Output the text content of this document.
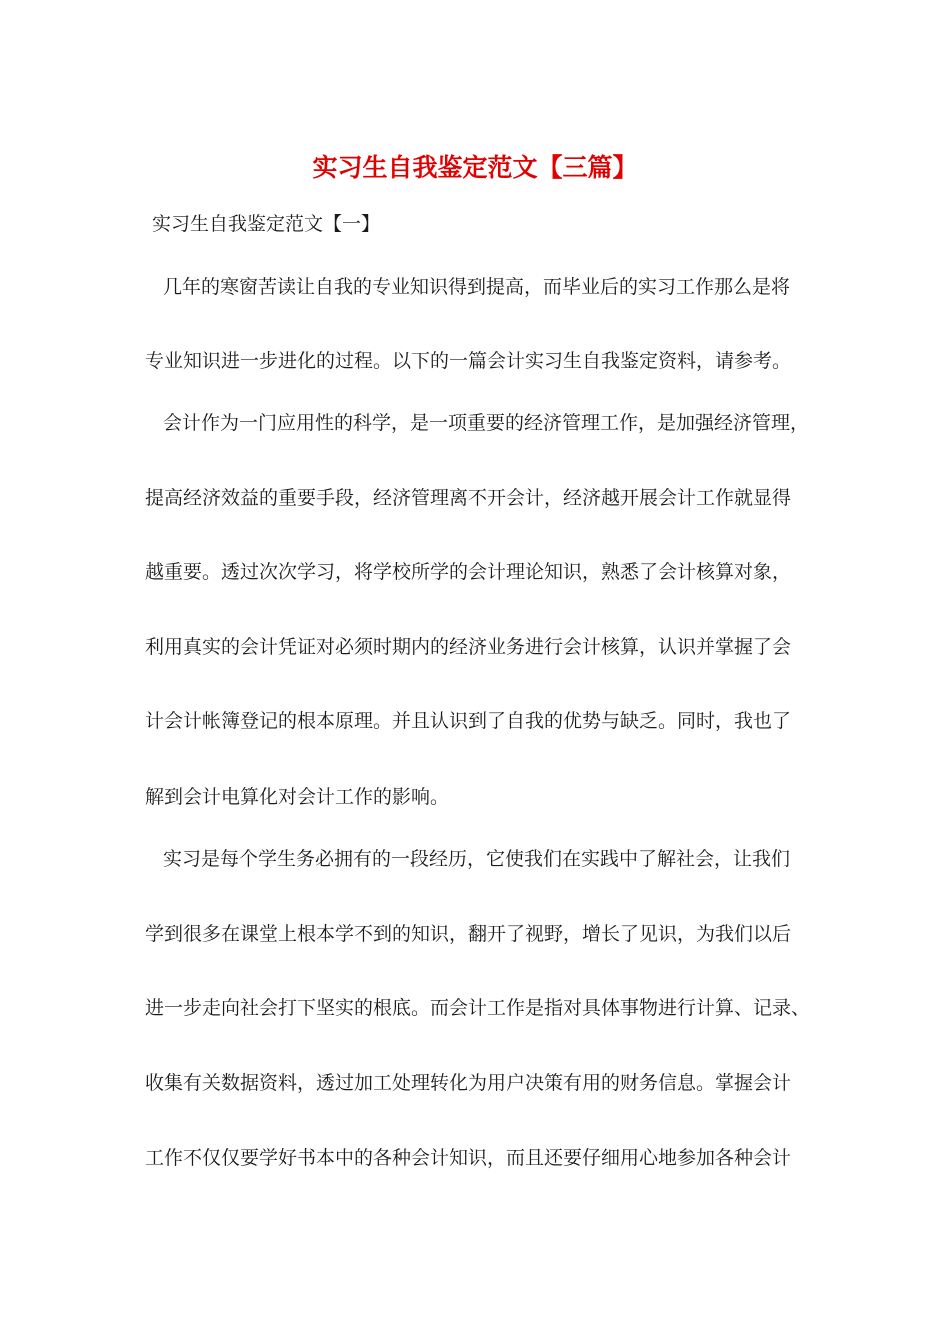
实习生自我鉴定范文【三篇】
实习生自我鉴定范文【一】
几年的寒窗苦读让自我的专业知识得到提高，而毕业后的实习工作那么是将
专业知识进一步进化的过程。以下的一篇会计实习生自我鉴定资料，请参考。
会计作为一门应用性的科学，是一项重要的经济管理工作，是加强经济管理，
提高经济效益的重要手段，经济管理离不开会计，经济越开展会计工作就显得
越重要。透过次次学习，将学校所学的会计理论知识，熟悉了会计核算对象，
利用真实的会计凭证对必须时期内的经济业务进行会计核算，认识并掌握了会
计会计帐簿登记的根本原理。并且认识到了自我的优势与缺乏。同时，我也了
解到会计电算化对会计工作的影响。
实习是每个学生务必拥有的一段经历，它使我们在实践中了解社会，让我们
学到很多在课堂上根本学不到的知识，翻开了视野，增长了见识，为我们以后
进一步走向社会打下坚实的根底。而会计工作是指对具体事物进行计算、记录、
收集有关数据资料，透过加工处理转化为用户决策有用的财务信息。掌握会计
工作不仅仅要学好书本中的各种会计知识，而且还要仔细用心地参加各种会计
